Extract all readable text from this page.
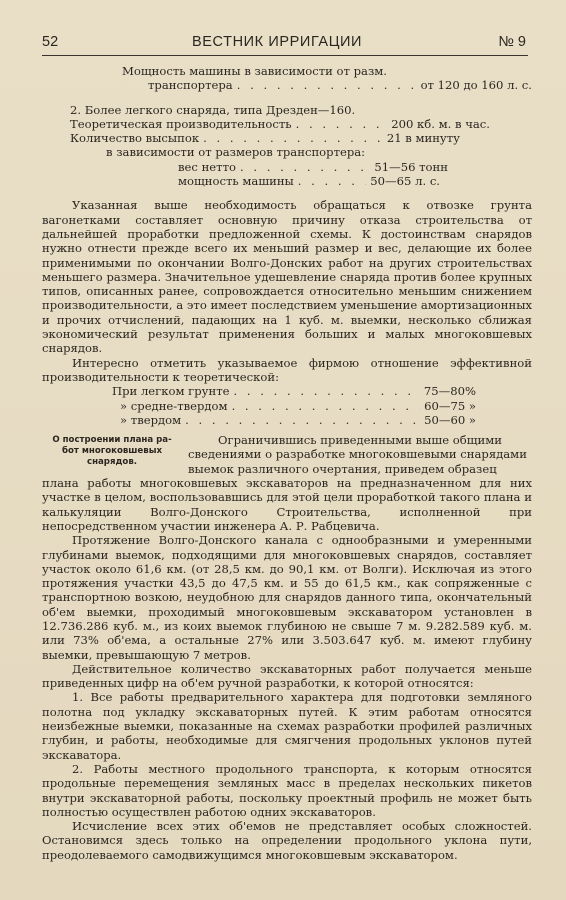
52	ВЕСТНИК ИРРИГАЦИИ	№ 9
Мощность машины в зависимости от разм.
транспортера . . .	от 120 до 160 л. с.
2. Более легкого снаряда, типа Дрезден—160.
Теоретическая производительность . . .	200 кб. м. в час.
Количество высыпок . . .	21 в минуту
в зависимости от размеров транспортера:
вес нетто . . .	51—56 тонн
мощность машины . . .	50—65 л. с.

Указанная выше необходимость обращаться к отвозке грунта вагонетками составляет основную причину отказа строительства от дальнейшей проработки предложенной схемы. К достоинствам снарядов нужно отнести прежде всего их меньший размер и вес, делающие их более применимыми по окончании Волго-Донских работ на других строительствах меньшего размера. Значительное удешевление снаряда против более крупных типов, описанных ранее, сопровождается относительно меньшим снижением производительности, а это имеет последствием уменьшение амортизационных и прочих отчислений, падающих на 1 куб. м. выемки, несколько сближая экономический результат применения больших и малых многоковшевых снарядов.

Интересно отметить указываемое фирмою отношение эффективной производительности к теоретической:

При легком грунте . . .	75—80%
» средне-твердом . . .	60—75 »
» твердом . . .	50—60 »
О построении плана ра-
бот многоковшевых
снарядов.
Ограничившись приведенными выше общими
сведениями о разработке многоковшевыми снарядами
выемок различного очертания, приведем образец

плана работы многоковшевых экскаваторов на предназначенном для них участке в целом, воспользовавшись для этой цели проработкой такого плана и калькуляции Волго-Донского Строительства, исполненной при непосредственном участии инженера А. Р. Рабцевича.

Протяжение Волго-Донского канала с однообразными и умеренными глубинами выемок, подходящими для многоковшевых снарядов, составляет участок около 61,6 км. (от 28,5 км. до 90,1 км. от Волги). Исключая из этого протяжения участки 43,5 до 47,5 км. и 55 до 61,5 км., как сопряженные с транспортною возкою, неудобною для снарядов данного типа, окончательный об'ем выемки, проходимый многоковшевым экскаватором установлен в 12.736.286 куб. м., из коих выемок глубиною не свыше 7 м. 9.282.589 куб. м. или 73% об'ема, а остальные 27% или 3.503.647 куб. м. имеют глубину выемки, превышающую 7 метров.

Действительное количество экскаваторных работ получается меньше приведенных цифр на об'ем ручной разработки, к которой относятся:

1. Все работы предварительного характера для подготовки земляного полотна под укладку экскаваторных путей. К этим работам относятся неизбежные выемки, показанные на схемах разработки профилей различных глубин, и работы, необходимые для смягчения продольных уклонов путей экскаватора.

2. Работы местного продольного транспорта, к которым относятся продольные перемещения земляных масс в пределах нескольких пикетов внутри экскаваторной работы, поскольку проектный профиль не может быть полностью осуществлен работою одних экскаваторов.

Исчисление всех этих об'емов не представляет особых сложностей. Остановимся здесь только на определении продольного уклона пути, преодолеваемого самодвижущимся многоковшевым экскаватором.
